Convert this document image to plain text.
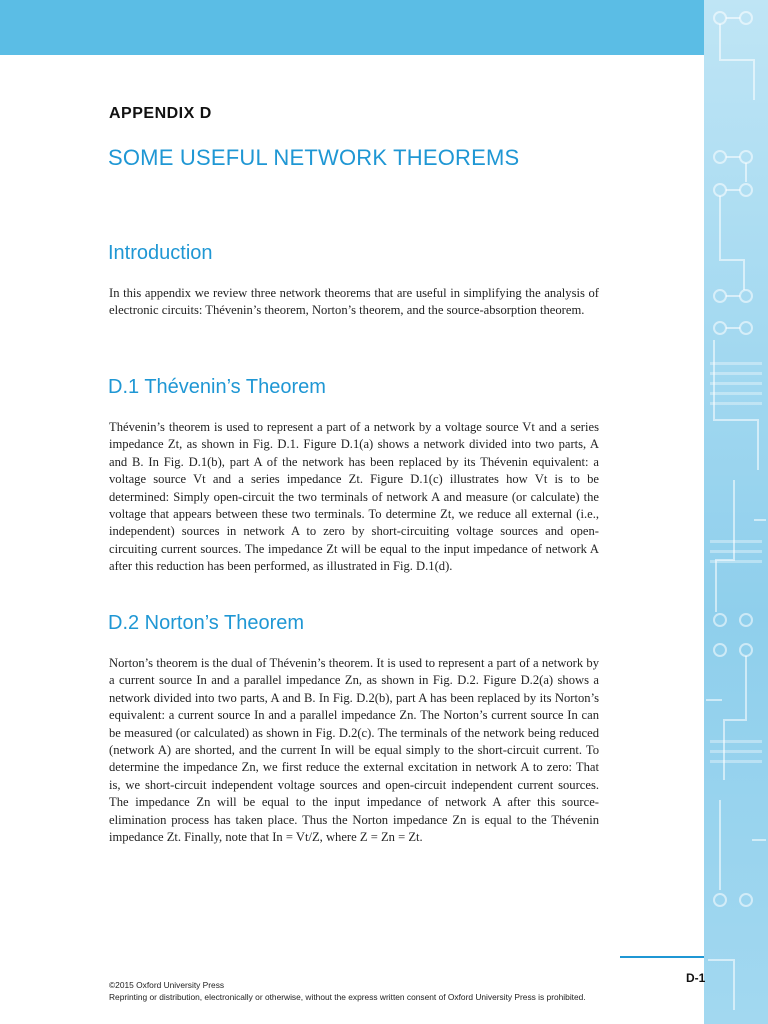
APPENDIX D
SOME USEFUL NETWORK THEOREMS
Introduction

In this appendix we review three network theorems that are useful in simplifying the analysis of electronic circuits: Thévenin’s theorem, Norton’s theorem, and the source-absorption theorem.

D.1 Thévenin’s Theorem

Thévenin’s theorem is used to represent a part of a network by a voltage source Vt and a series impedance Zt, as shown in Fig. D.1. Figure D.1(a) shows a network divided into two parts, A and B. In Fig. D.1(b), part A of the network has been replaced by its Thévenin equivalent: a voltage source Vt and a series impedance Zt. Figure D.1(c) illustrates how Vt is to be determined: Simply open-circuit the two terminals of network A and measure (or calculate) the voltage that appears between these two terminals. To determine Zt, we reduce all external (i.e., independent) sources in network A to zero by short-circuiting voltage sources and open-circuiting current sources. The impedance Zt will be equal to the input impedance of network A after this reduction has been performed, as illustrated in Fig. D.1(d).

D.2 Norton’s Theorem

Norton’s theorem is the dual of Thévenin’s theorem. It is used to represent a part of a network by a current source In and a parallel impedance Zn, as shown in Fig. D.2. Figure D.2(a) shows a network divided into two parts, A and B. In Fig. D.2(b), part A has been replaced by its Norton’s equivalent: a current source In and a parallel impedance Zn. The Norton’s current source In can be measured (or calculated) as shown in Fig. D.2(c). The terminals of the network being reduced (network A) are shorted, and the current In will be equal simply to the short-circuit current. To determine the impedance Zn, we first reduce the external excitation in network A to zero: That is, we short-circuit independent voltage sources and open-circuit independent current sources. The impedance Zn will be equal to the input impedance of network A after this source-elimination process has taken place. Thus the Norton impedance Zn is equal to the Thévenin impedance Zt. Finally, note that In = Vt/Z, where Z = Zn = Zt.

D-1
©2015 Oxford University Press
Reprinting or distribution, electronically or otherwise, without the express written consent of Oxford University Press is prohibited.
